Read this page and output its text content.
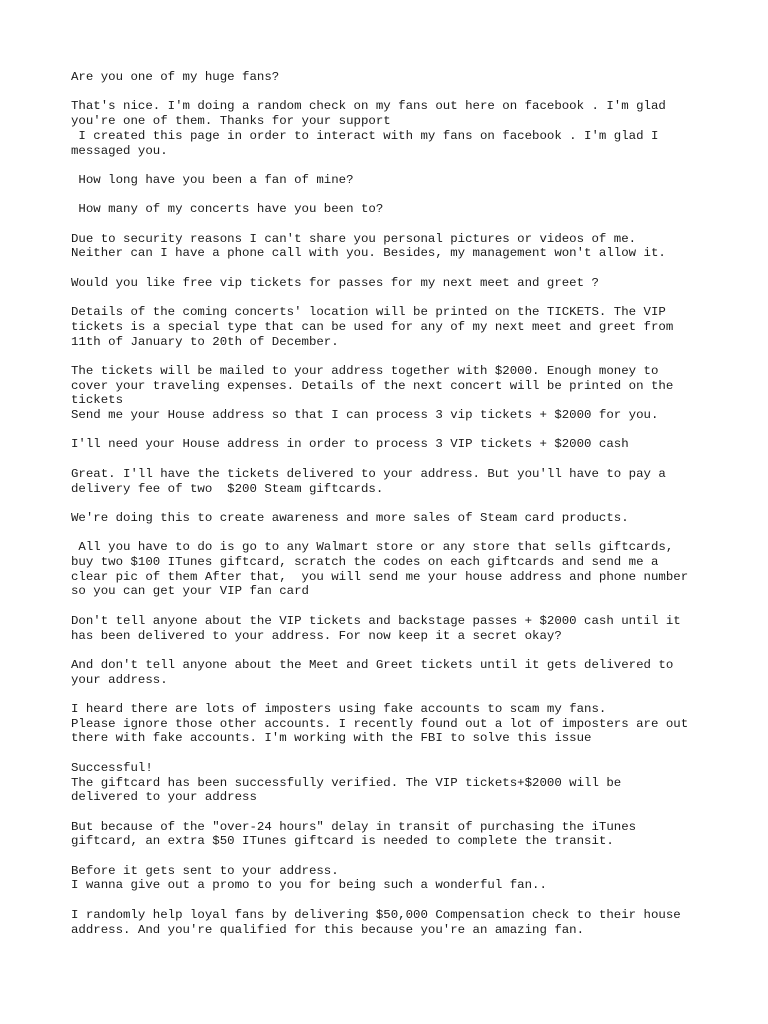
Are you one of my huge fans?
That's nice. I'm doing a random check on my fans out here on facebook . I'm glad
you're one of them. Thanks for your support
I created this page in order to interact with my fans on facebook . I'm glad I
messaged you.
How long have you been a fan of mine?
How many of my concerts have you been to?
Due to security reasons I can't share you personal pictures or videos of me.
Neither can I have a phone call with you. Besides, my management won't allow it.
Would you like free vip tickets for passes for my next meet and greet ?
Details of the coming concerts' location will be printed on the TICKETS. The VIP
tickets is a special type that can be used for any of my next meet and greet from
11th of January to 20th of December.
The tickets will be mailed to your address together with $2000. Enough money to
cover your traveling expenses. Details of the next concert will be printed on the
tickets
Send me your House address so that I can process 3 vip tickets + $2000 for you.
I'll need your House address in order to process 3 VIP tickets + $2000 cash
Great. I'll have the tickets delivered to your address. But you'll have to pay a
delivery fee of two  $200 Steam giftcards.
We're doing this to create awareness and more sales of Steam card products.
All you have to do is go to any Walmart store or any store that sells giftcards,
buy two $100 ITunes giftcard, scratch the codes on each giftcards and send me a
clear pic of them After that,  you will send me your house address and phone number
so you can get your VIP fan card
Don't tell anyone about the VIP tickets and backstage passes + $2000 cash until it
has been delivered to your address. For now keep it a secret okay?
And don't tell anyone about the Meet and Greet tickets until it gets delivered to
your address.
I heard there are lots of imposters using fake accounts to scam my fans.
Please ignore those other accounts. I recently found out a lot of imposters are out
there with fake accounts. I'm working with the FBI to solve this issue
Successful!
The giftcard has been successfully verified. The VIP tickets+$2000 will be
delivered to your address
But because of the "over-24 hours" delay in transit of purchasing the iTunes
giftcard, an extra $50 ITunes giftcard is needed to complete the transit.
Before it gets sent to your address.
I wanna give out a promo to you for being such a wonderful fan..
I randomly help loyal fans by delivering $50,000 Compensation check to their house
address. And you're qualified for this because you're an amazing fan.
